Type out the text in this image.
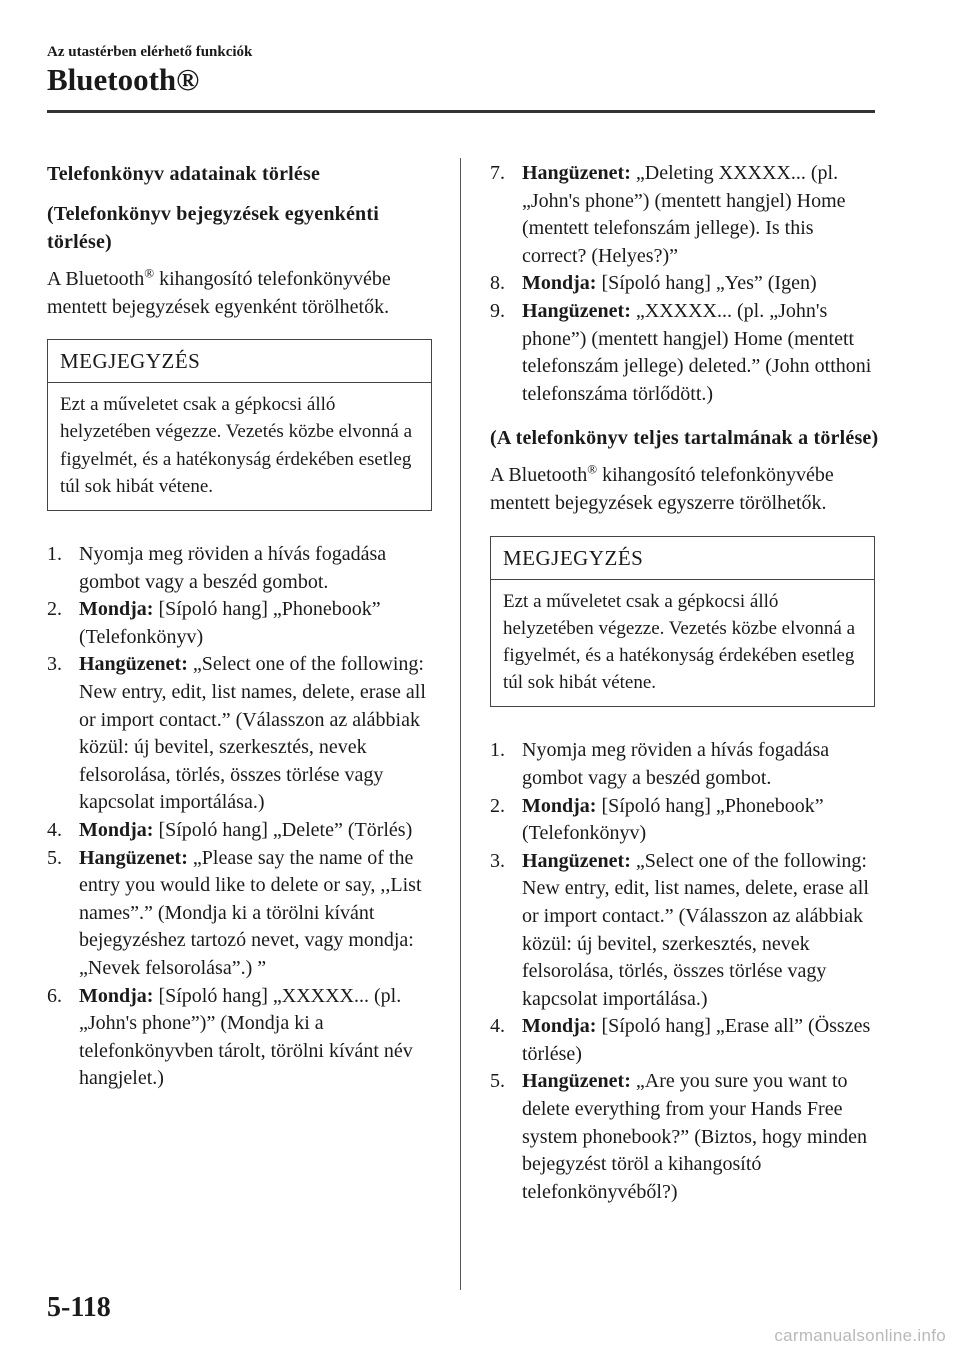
Az utastérben elérhető funkciók
Bluetooth®
Telefonkönyv adatainak törlése
(Telefonkönyv bejegyzések egyenkénti törlése)
A Bluetooth® kihangosító telefonkönyvébe mentett bejegyzések egyenként törölhetők.
MEGJEGYZÉS
Ezt a műveletet csak a gépkocsi álló helyzetében végezze. Vezetés közbe elvonná a figyelmét, és a hatékonyság érdekében esetleg túl sok hibát vétene.
1. Nyomja meg röviden a hívás fogadása gombot vagy a beszéd gombot.
2. Mondja: [Sípoló hang] „Phonebook” (Telefonkönyv)
3. Hangüzenet: „Select one of the following: New entry, edit, list names, delete, erase all or import contact.” (Válasszon az alábbiak közül: új bevitel, szerkesztés, nevek felsorolása, törlés, összes törlése vagy kapcsolat importálása.)
4. Mondja: [Sípoló hang] „Delete” (Törlés)
5. Hangüzenet: „Please say the name of the entry you would like to delete or say, ,,List names”.” (Mondja ki a törölni kívánt bejegyzéshez tartozó nevet, vagy mondja: „Nevek felsorolása”.) ”
6. Mondja: [Sípoló hang] „XXXXX... (pl. „John's phone”)” (Mondja ki a telefonkönyvben tárolt, törölni kívánt név hangjelet.)
7. Hangüzenet: „Deleting XXXXX... (pl. „John's phone”) (mentett hangjel) Home (mentett telefonszám jellege). Is this correct? (Helyes?)”
8. Mondja: [Sípoló hang] „Yes” (Igen)
9. Hangüzenet: „XXXXX... (pl. „John's phone”) (mentett hangjel) Home (mentett telefonszám jellege) deleted.” (John otthoni telefonszáma törlődött.)
(A telefonkönyv teljes tartalmának a törlése)
A Bluetooth® kihangosító telefonkönyvébe mentett bejegyzések egyszerre törölhetők.
MEGJEGYZÉS
Ezt a műveletet csak a gépkocsi álló helyzetében végezze. Vezetés közbe elvonná a figyelmét, és a hatékonyság érdekében esetleg túl sok hibát vétene.
1. Nyomja meg röviden a hívás fogadása gombot vagy a beszéd gombot.
2. Mondja: [Sípoló hang] „Phonebook” (Telefonkönyv)
3. Hangüzenet: „Select one of the following: New entry, edit, list names, delete, erase all or import contact.” (Válasszon az alábbiak közül: új bevitel, szerkesztés, nevek felsorolása, törlés, összes törlése vagy kapcsolat importálása.)
4. Mondja: [Sípoló hang] „Erase all” (Összes törlése)
5. Hangüzenet: „Are you sure you want to delete everything from your Hands Free system phonebook?” (Biztos, hogy minden bejegyzést töröl a kihangosító telefonkönyvéből?)
5-118
carmanualsonline.info
